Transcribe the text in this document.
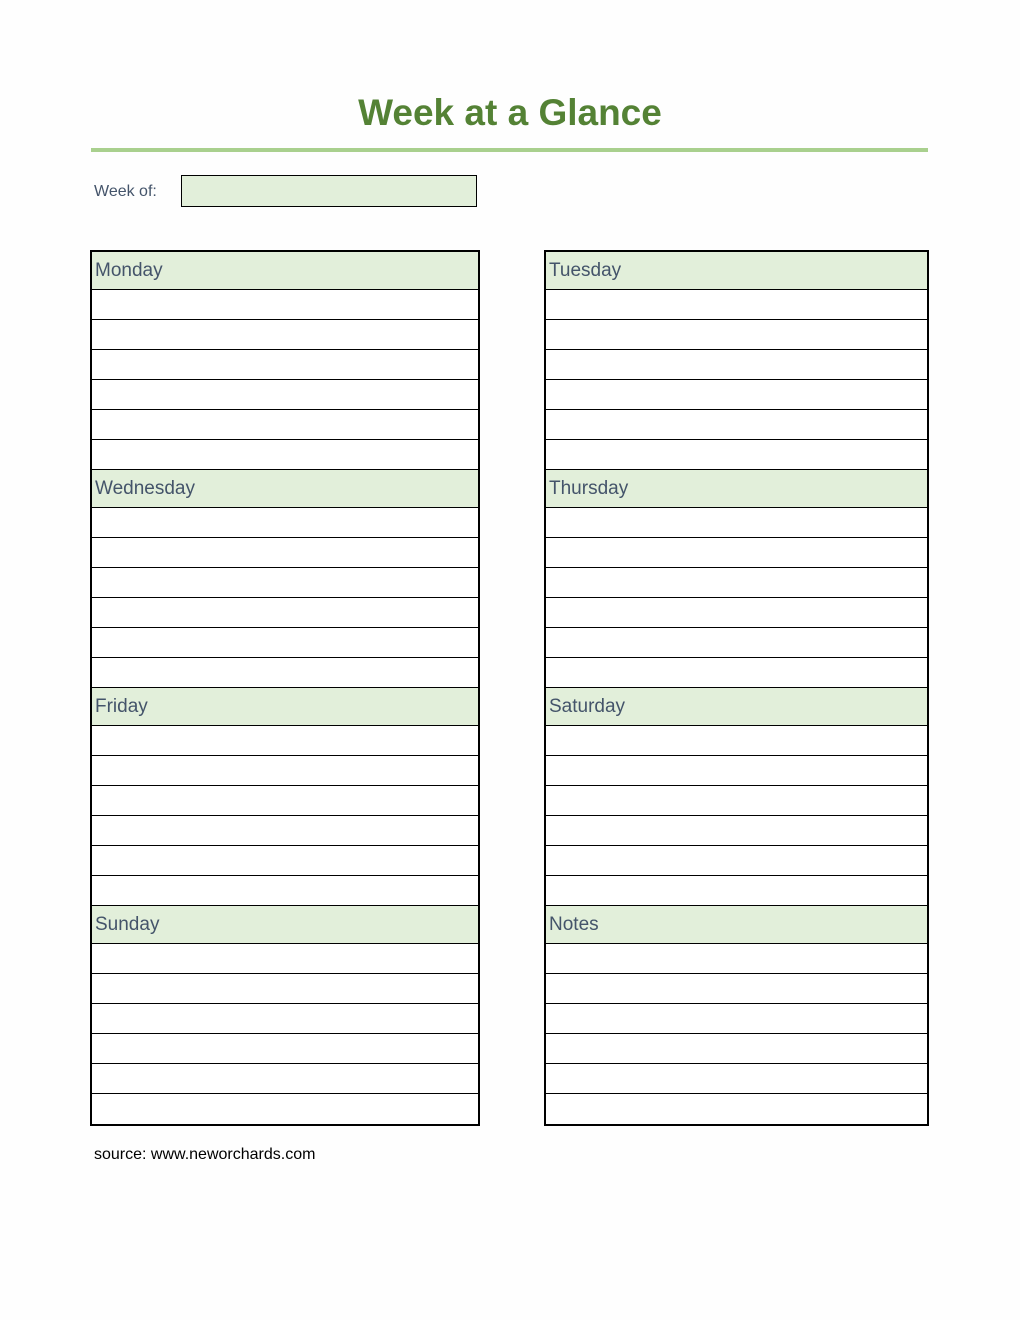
Week at a Glance
Week of:
Monday
Wednesday
Friday
Sunday
Tuesday
Thursday
Saturday
Notes
source: www.neworchards.com
